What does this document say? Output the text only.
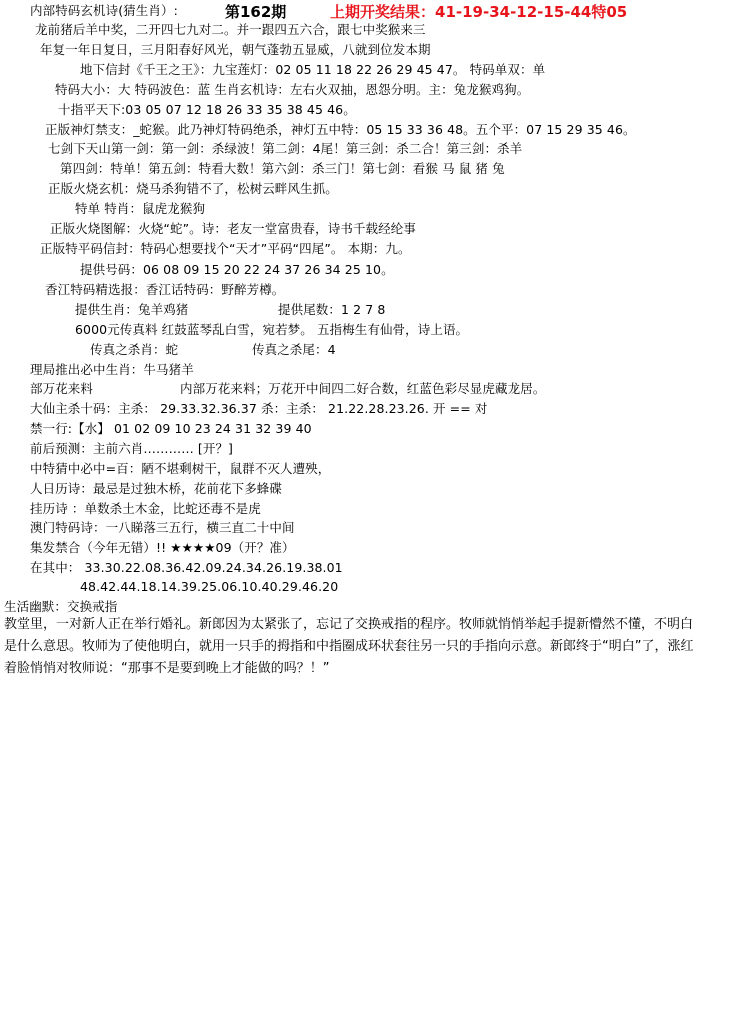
内部特码玄机诗(猜生肖）:	第162期	上期开奖结果：41-19-34-12-15-44特05
龙前猪后羊中奖，二开四七九对二。并一跟四五六合，跟七中奖猴来三
年复一年日复日，三月阳春好风光，朝气蓬勃五显威，八就到位发本期
地下信封《千王之王》：九宝莲灯：02 05 11 18 22 26 29 45 47。 特码单双：单
特码大小：大 特码波色：蓝 生肖玄机诗：左右火双抽，恩怨分明。主：兔龙猴鸡狗。
十指平天下:03 05 07 12 18 26 33 35 38 45 46。
正版神灯禁支：_蛇猴。此乃神灯特码绝杀，神灯五中特：05 15 33 36 48。五个平：07 15 29 35 46。
七剑下天山第一剑：第一剑：杀绿波！第二剑：4尾！第三剑：杀二合！第三剑：杀羊
第四剑：特单！第五剑：特看大数！第六剑：杀三门！第七剑：看猴 马 鼠 猪 兔
正版火烧玄机：烧马杀狗错不了，松树云畔风生抓。
特单 特肖：鼠虎龙猴狗
正版火烧图解：火烧“蛇”。诗：老友一堂富贵春，诗书千载经纶事
正版特平码信封：特码心想要找个“天才”平码“四尾”。 本期：九。
提供号码：06 08 09 15 20 22 24 37 26 34 25 10。
香江特码精选报：香江话特码：野醉芳樽。
提供生肖：兔羊鸡猪	提供尾数：1 2 7 8
6000元传真料 红鼓蓝琴乱白雪，宛若梦。 五指梅生有仙骨，诗上语。
传真之杀肖：蛇	传真之杀尾：4
理局推出必中生肖：牛马猪羊
部万花来料	内部万花来料；万花开中间四二好合数，红蓝色彩尽显虎藏龙居。
大仙主杀十码：主杀： 29.33.32.36.37 杀：主杀： 21.22.28.23.26. 开 == 对
禁一行:【水】 01 02 09 10 23 24 31 32 39 40
前后预测：主前六肖………… [开？]
中特猜中必中=百：陋不堪剩树干，鼠群不灭人遭殃，
人日历诗：最忌是过独木桥，花前花下多蜂碟
挂历诗 ：单数杀土木金，比蛇还毒不是虎
澳门特码诗：一八睇落三五行，横三直二十中间
集发禁合（今年无错）!! ★★★★09（开？准）
在其中： 33.30.22.08.36.42.09.24.34.26.19.38.01
48.42.44.18.14.39.25.06.10.40.29.46.20
生活幽默：交换戒指
教堂里，一对新人正在举行婚礼。新郎因为太紧张了，忘记了交换戒指的程序。牧师就悄悄举起手提新懵然不懂，不明白是什么意思。牧师为了使他明白，就用一只手的拇指和中指圈成环状套往另一只的手指向示意。新郎终于“明白”了，涨红着脸悄悄对牧师说：“那事不是要到晚上才能做的吗？！”
